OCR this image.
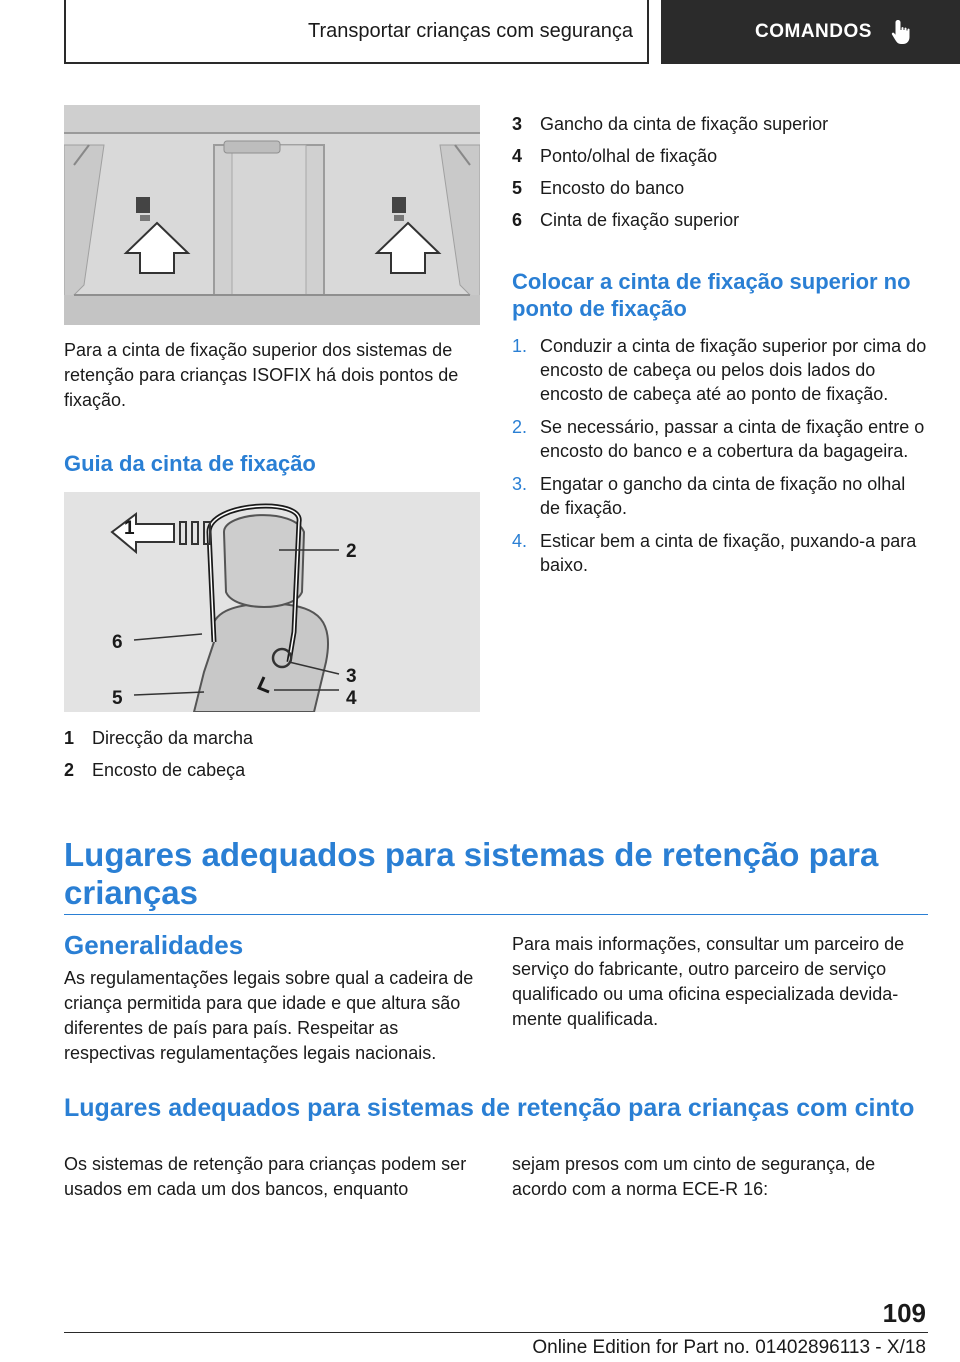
Transportar crianças com segurança	COMANDOS

Para a cinta de fixação superior dos sistemas de retenção para crianças ISOFIX há dois pontos de fixação.

Guia da cinta de fixação
1
2
3
4
5
6
1 Direcção da marcha
2 Encosto de cabeça
3 Gancho da cinta de fixação superior
4 Ponto/olhal de fixação
5 Encosto do banco
6 Cinta de fixação superior
Colocar a cinta de fixação superior no ponto de fixação
1. Conduzir a cinta de fixação superior por cima do encosto de cabeça ou pelos dois lados do encosto de cabeça até ao ponto de fixação.
2. Se necessário, passar a cinta de fixação entre o encosto do banco e a cobertura da bagageira.
3. Engatar o gancho da cinta de fixação no olhal de fixação.
4. Esticar bem a cinta de fixação, puxando-a para baixo.
Lugares adequados para sistemas de retenção para crianças
Generalidades

As regulamentações legais sobre qual a cadeira de criança permitida para que idade e que altura são diferentes de país para país. Respeitar as respectivas regulamentações legais nacionais.

Para mais informações, consultar um parceiro de serviço do fabricante, outro parceiro de serviço qualificado ou uma oficina especializada devidamente qualificada.

Lugares adequados para sistemas de retenção para crianças com cinto

Os sistemas de retenção para crianças podem ser usados em cada um dos bancos, enquanto

sejam presos com um cinto de segurança, de acordo com a norma ECE-R 16:

109
Online Edition for Part no. 01402896113 - X/18
